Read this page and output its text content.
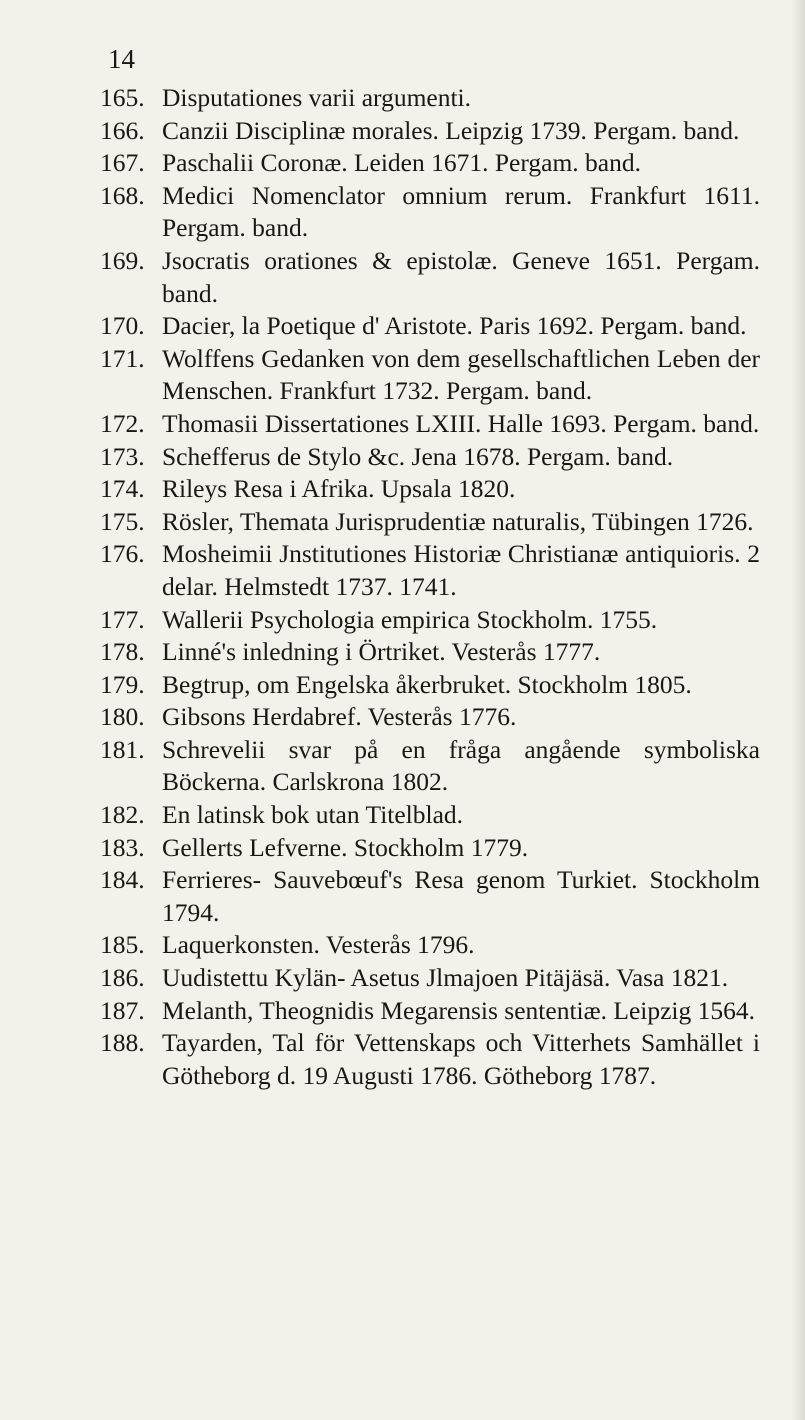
14
165. Disputationes varii argumenti.
166. Canzii Disciplinæ morales. Leipzig 1739. Pergam. band.
167. Paschalii Coronæ. Leiden 1671. Pergam. band.
168. Medici Nomenclator omnium rerum. Frankfurt 1611. Pergam. band.
169. Jsocratis orationes & epistolæ. Geneve 1651. Pergam. band.
170. Dacier, la Poetique d' Aristote. Paris 1692. Pergam. band.
171. Wolffens Gedanken von dem gesellschaftlichen Leben der Menschen. Frankfurt 1732. Pergam. band.
172. Thomasii Dissertationes LXIII. Halle 1693. Pergam. band.
173. Schefferus de Stylo &c. Jena 1678. Pergam. band.
174. Rileys Resa i Afrika. Upsala 1820.
175. Rösler, Themata Jurisprudentiæ naturalis, Tübingen 1726.
176. Mosheimii Jnstitutiones Historiæ Christianæ antiquioris. 2 delar. Helmstedt 1737. 1741.
177. Wallerii Psychologia empirica Stockholm. 1755.
178. Linné's inledning i Örtriket. Vesterås 1777.
179. Begtrup, om Engelska åkerbruket. Stockholm 1805.
180. Gibsons Herdabref. Vesterås 1776.
181. Schrevelii svar på en fråga angående symboliska Böckerna. Carlskrona 1802.
182. En latinsk bok utan Titelblad.
183. Gellerts Lefverne. Stockholm 1779.
184. Ferrieres- Sauvebœuf's Resa genom Turkiet. Stockholm 1794.
185. Laquerkonsten. Vesterås 1796.
186. Uudistettu Kylän- Asetus Jlmajoen Pitäjäsä. Vasa 1821.
187. Melanth, Theognidis Megarensis sententiæ. Leipzig 1564.
188. Tayarden, Tal för Vettenskaps och Vitterhets Samhället i Götheborg d. 19 Augusti 1786. Götheborg 1787.
